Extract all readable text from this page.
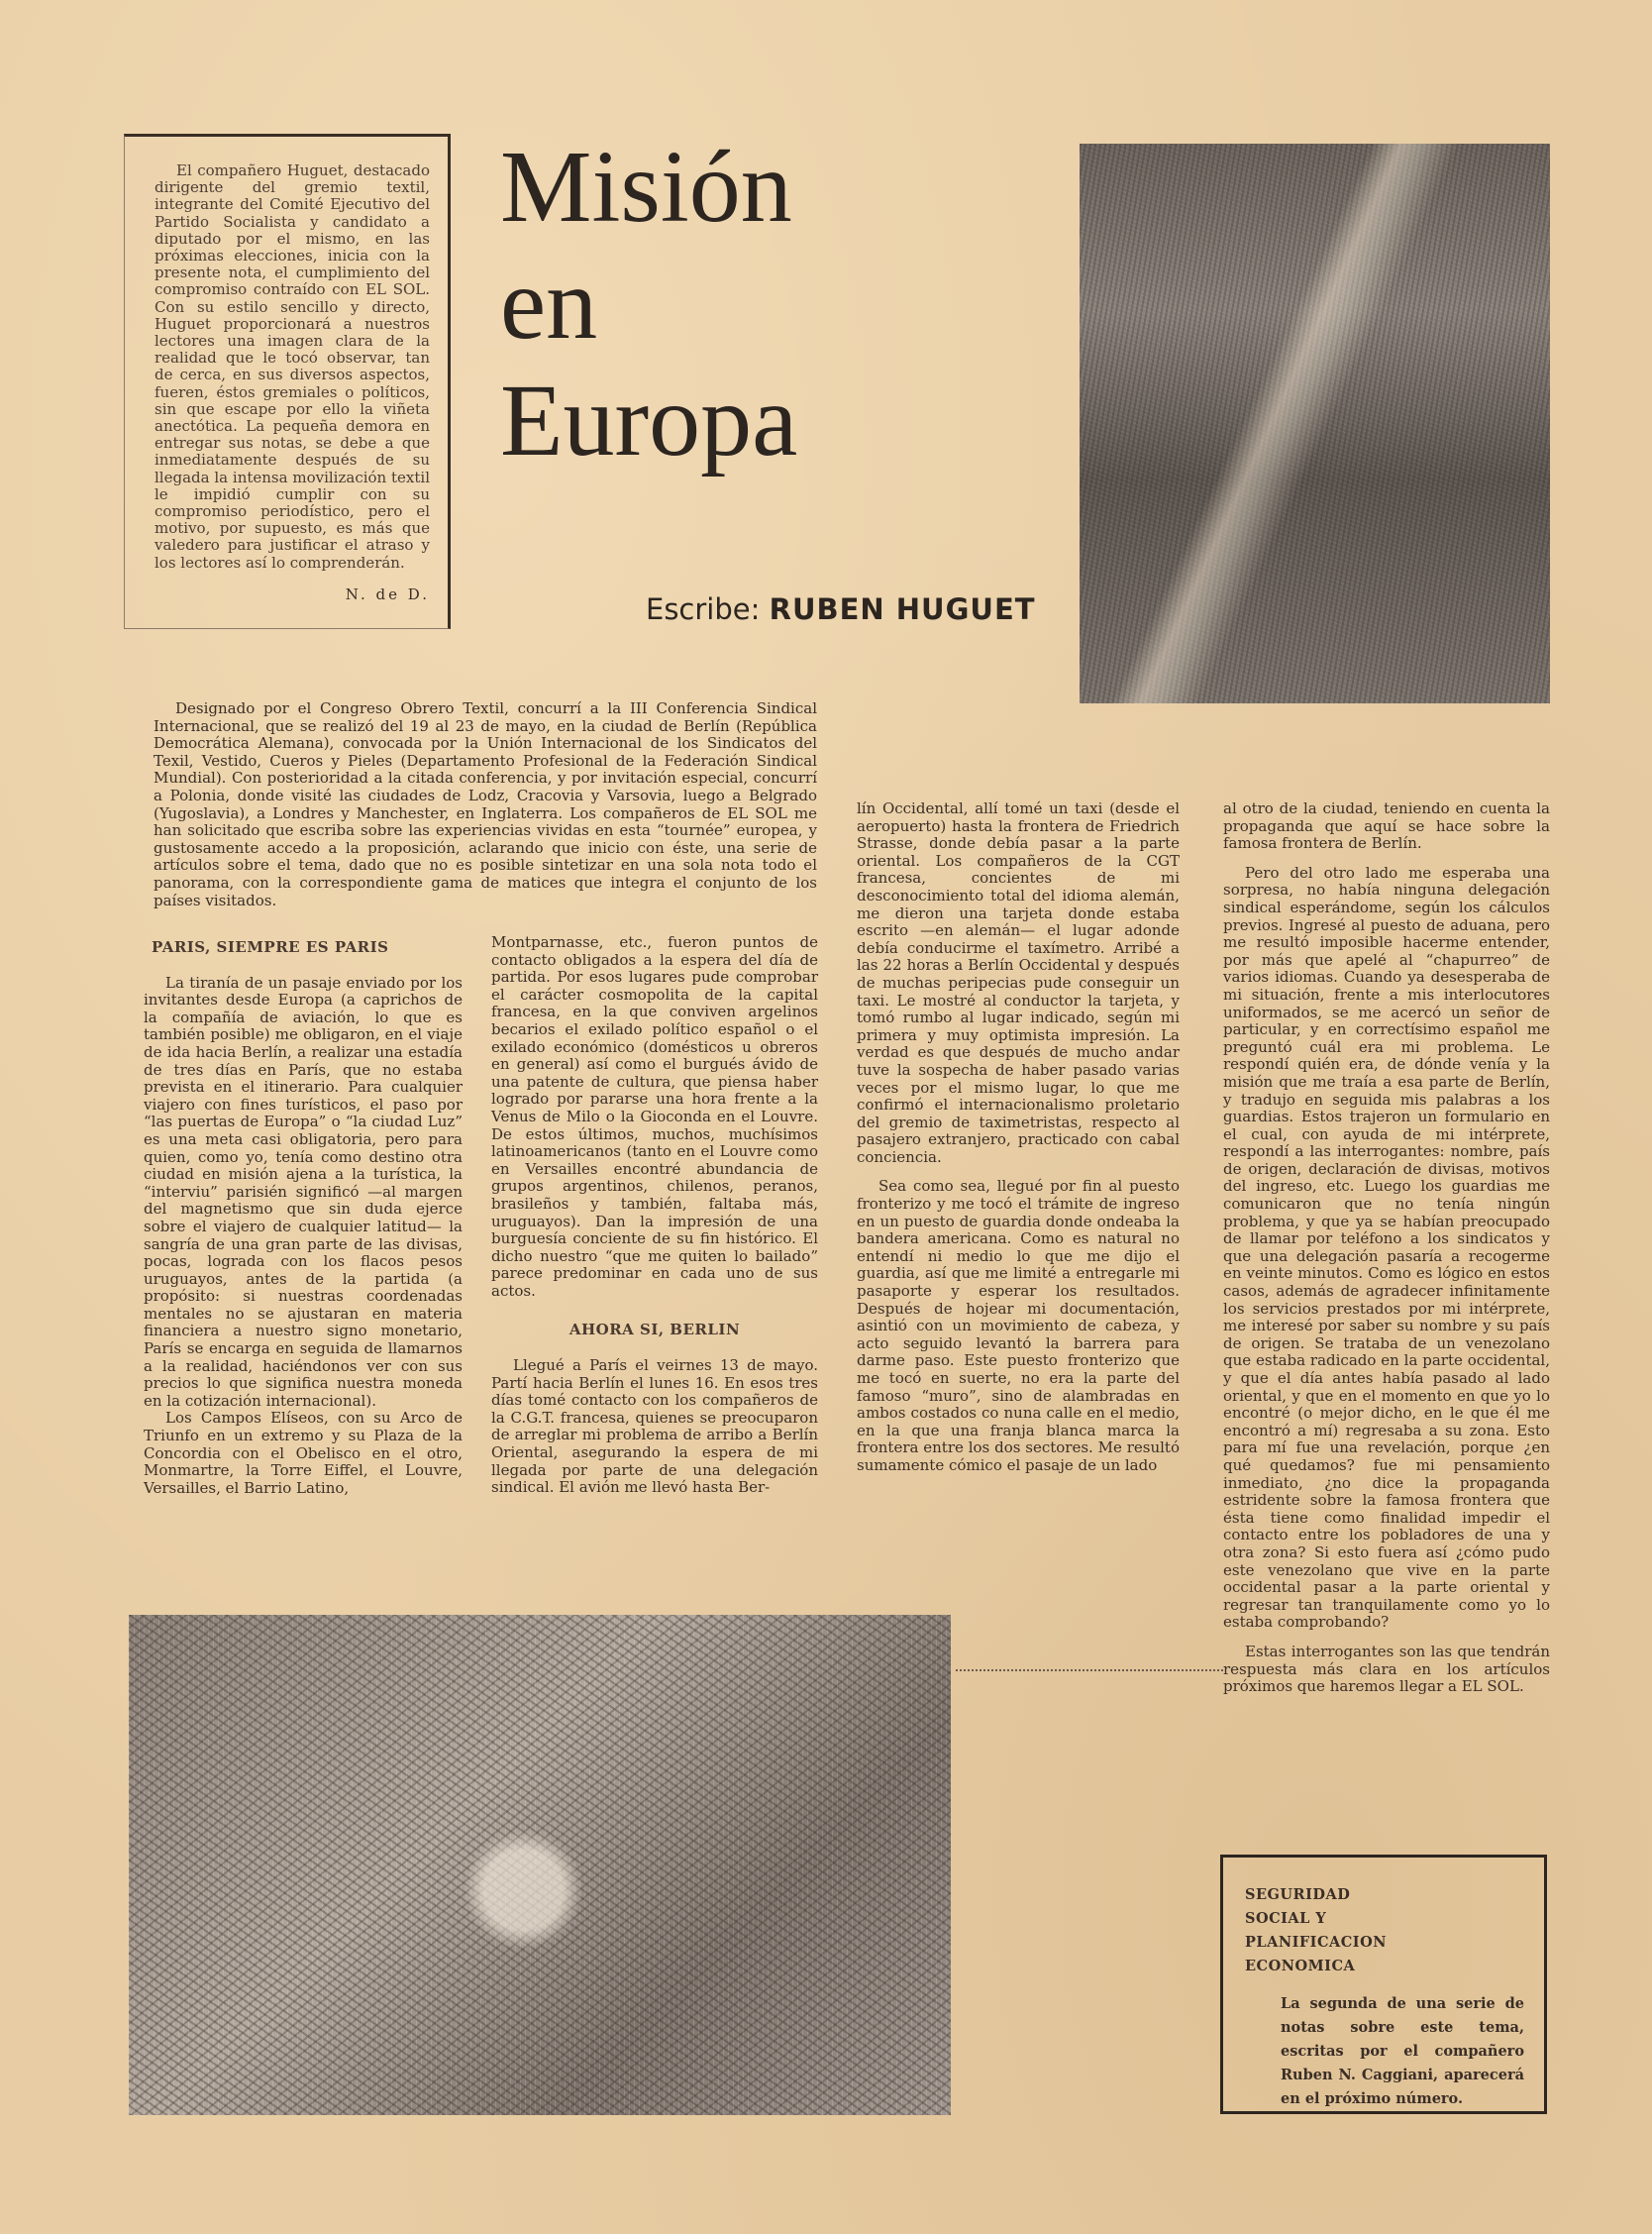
El compañero Huguet, destacado dirigente del gremio textil, integrante del Comité Ejecutivo del Partido Socialista y candidato a diputado por el mismo, en las próximas elecciones, inicia con la presente nota, el cumplimiento del compromiso contraído con EL SOL. Con su estilo sencillo y directo, Huguet proporcionará a nuestros lectores una imagen clara de la realidad que le tocó observar, tan de cerca, en sus diversos aspectos, fueren, éstos gremiales o políticos, sin que escape por ello la viñeta anectótica. La pequeña demora en entregar sus notas, se debe a que inmediatamente después de su llegada la intensa movilización textil le impidió cumplir con su compromiso periodístico, pero el motivo, por supuesto, es más que valedero para justificar el atraso y los lectores así lo comprenderán.
N. de D.
Misión
en
Europa
Escribe: RUBEN HUGUET

Designado por el Congreso Obrero Textil, concurrí a la III Conferencia Sindical Internacional, que se realizó del 19 al 23 de mayo, en la ciudad de Berlín (República Democrática Alemana), convocada por la Unión Internacional de los Sindicatos del Texil, Vestido, Cueros y Pieles (Departamento Profesional de la Federación Sindical Mundial). Con posterioridad a la citada conferencia, y por invitación especial, concurrí a Polonia, donde visité las ciudades de Lodz, Cracovia y Varsovia, luego a Belgrado (Yugoslavia), a Londres y Manchester, en Inglaterra. Los compañeros de EL SOL me han solicitado que escriba sobre las experiencias vividas en esta “tournée” europea, y gustosamente accedo a la proposición, aclarando que inicio con éste, una serie de artículos sobre el tema, dado que no es posible sintetizar en una sola nota todo el panorama, con la correspondiente gama de matices que integra el conjunto de los países visitados.

PARIS, SIEMPRE ES PARIS

La tiranía de un pasaje enviado por los invitantes desde Europa (a caprichos de la compañía de aviación, lo que es también posible) me obligaron, en el viaje de ida hacia Berlín, a realizar una estadía de tres días en París, que no estaba prevista en el itinerario. Para cualquier viajero con fines turísticos, el paso por “las puertas de Europa” o “la ciudad Luz” es una meta casi obligatoria, pero para quien, como yo, tenía como destino otra ciudad en misión ajena a la turística, la “interviu” parisién significó —al margen del magnetismo que sin duda ejerce sobre el viajero de cualquier latitud— la sangría de una gran parte de las divisas, pocas, lograda con los flacos pesos uruguayos, antes de la partida (a propósito: si nuestras coordenadas mentales no se ajustaran en materia financiera a nuestro signo monetario, París se encarga en seguida de llamarnos a la realidad, haciéndonos ver con sus precios lo que significa nuestra moneda en la cotización internacional).

Los Campos Elíseos, con su Arco de Triunfo en un extremo y su Plaza de la Concordia con el Obelisco en el otro, Monmartre, la Torre Eiffel, el Louvre, Versailles, el Barrio Latino,

Montparnasse, etc., fueron puntos de contacto obligados a la espera del día de partida. Por esos lugares pude comprobar el carácter cosmopolita de la capital francesa, en la que conviven argelinos becarios el exilado político español o el exilado económico (domésticos u obreros en general) así como el burgués ávido de una patente de cultura, que piensa haber logrado por pararse una hora frente a la Venus de Milo o la Gioconda en el Louvre. De estos últimos, muchos, muchísimos latinoamericanos (tanto en el Louvre como en Versailles encontré abundancia de grupos argentinos, chilenos, peranos, brasileños y también, faltaba más, uruguayos). Dan la impresión de una burguesía conciente de su fin histórico. El dicho nuestro “que me quiten lo bailado” parece predominar en cada uno de sus actos.

AHORA SI, BERLIN

Llegué a París el veirnes 13 de mayo. Partí hacia Berlín el lunes 16. En esos tres días tomé contacto con los compañeros de la C.G.T. francesa, quienes se preocuparon de arreglar mi problema de arribo a Berlín Oriental, asegurando la espera de mi llegada por parte de una delegación sindical. El avión me llevó hasta Ber-

lín Occidental, allí tomé un taxi (desde el aeropuerto) hasta la frontera de Friedrich Strasse, donde debía pasar a la parte oriental. Los compañeros de la CGT francesa, concientes de mi desconocimiento total del idioma alemán, me dieron una tarjeta donde estaba escrito —en alemán— el lugar adonde debía conducirme el taxímetro. Arribé a las 22 horas a Berlín Occidental y después de muchas peripecias pude conseguir un taxi. Le mostré al conductor la tarjeta, y tomó rumbo al lugar indicado, según mi primera y muy optimista impresión. La verdad es que después de mucho andar tuve la sospecha de haber pasado varias veces por el mismo lugar, lo que me confirmó el internacionalismo proletario del gremio de taximetristas, respecto al pasajero extranjero, practicado con cabal conciencia.

Sea como sea, llegué por fin al puesto fronterizo y me tocó el trámite de ingreso en un puesto de guardia donde ondeaba la bandera americana. Como es natural no entendí ni medio lo que me dijo el guardia, así que me limité a entregarle mi pasaporte y esperar los resultados. Después de hojear mi documentación, asintió con un movimiento de cabeza, y acto seguido levantó la barrera para darme paso. Este puesto fronterizo que me tocó en suerte, no era la parte del famoso “muro”, sino de alambradas en ambos costados co nuna calle en el medio, en la que una franja blanca marca la frontera entre los dos sectores. Me resultó sumamente cómico el pasaje de un lado

al otro de la ciudad, teniendo en cuenta la propaganda que aquí se hace sobre la famosa frontera de Berlín.

Pero del otro lado me esperaba una sorpresa, no había ninguna delegación sindical esperándome, según los cálculos previos. Ingresé al puesto de aduana, pero me resultó imposible hacerme entender, por más que apelé al “chapurreo” de varios idiomas. Cuando ya desesperaba de mi situación, frente a mis interlocutores uniformados, se me acercó un señor de particular, y en correctísimo español me preguntó cuál era mi problema. Le respondí quién era, de dónde venía y la misión que me traía a esa parte de Berlín, y tradujo en seguida mis palabras a los guardias. Estos trajeron un formulario en el cual, con ayuda de mi intérprete, respondí a las interrogantes: nombre, país de origen, declaración de divisas, motivos del ingreso, etc. Luego los guardias me comunicaron que no tenía ningún problema, y que ya se habían preocupado de llamar por teléfono a los sindicatos y que una delegación pasaría a recogerme en veinte minutos. Como es lógico en estos casos, además de agradecer infinitamente los servicios prestados por mi intérprete, me interesé por saber su nombre y su país de origen. Se trataba de un venezolano que estaba radicado en la parte occidental, y que el día antes había pasado al lado oriental, y que en el momento en que yo lo encontré (o mejor dicho, en le que él me encontró a mí) regresaba a su zona. Esto para mí fue una revelación, porque ¿en qué quedamos? fue mi pensamiento inmediato, ¿no dice la propaganda estridente sobre la famosa frontera que ésta tiene como finalidad impedir el contacto entre los pobladores de una y otra zona? Si esto fuera así ¿cómo pudo este venezolano que vive en la parte occidental pasar a la parte oriental y regresar tan tranquilamente como yo lo estaba comprobando?

Estas interrogantes son las que tendrán respuesta más clara en los artículos próximos que haremos llegar a EL SOL.

SEGURIDAD
SOCIAL Y
PLANIFICACION
ECONOMICA
La segunda de una serie de notas sobre este tema, escritas por el compañero Ruben N. Caggiani, aparecerá en el próximo número.
